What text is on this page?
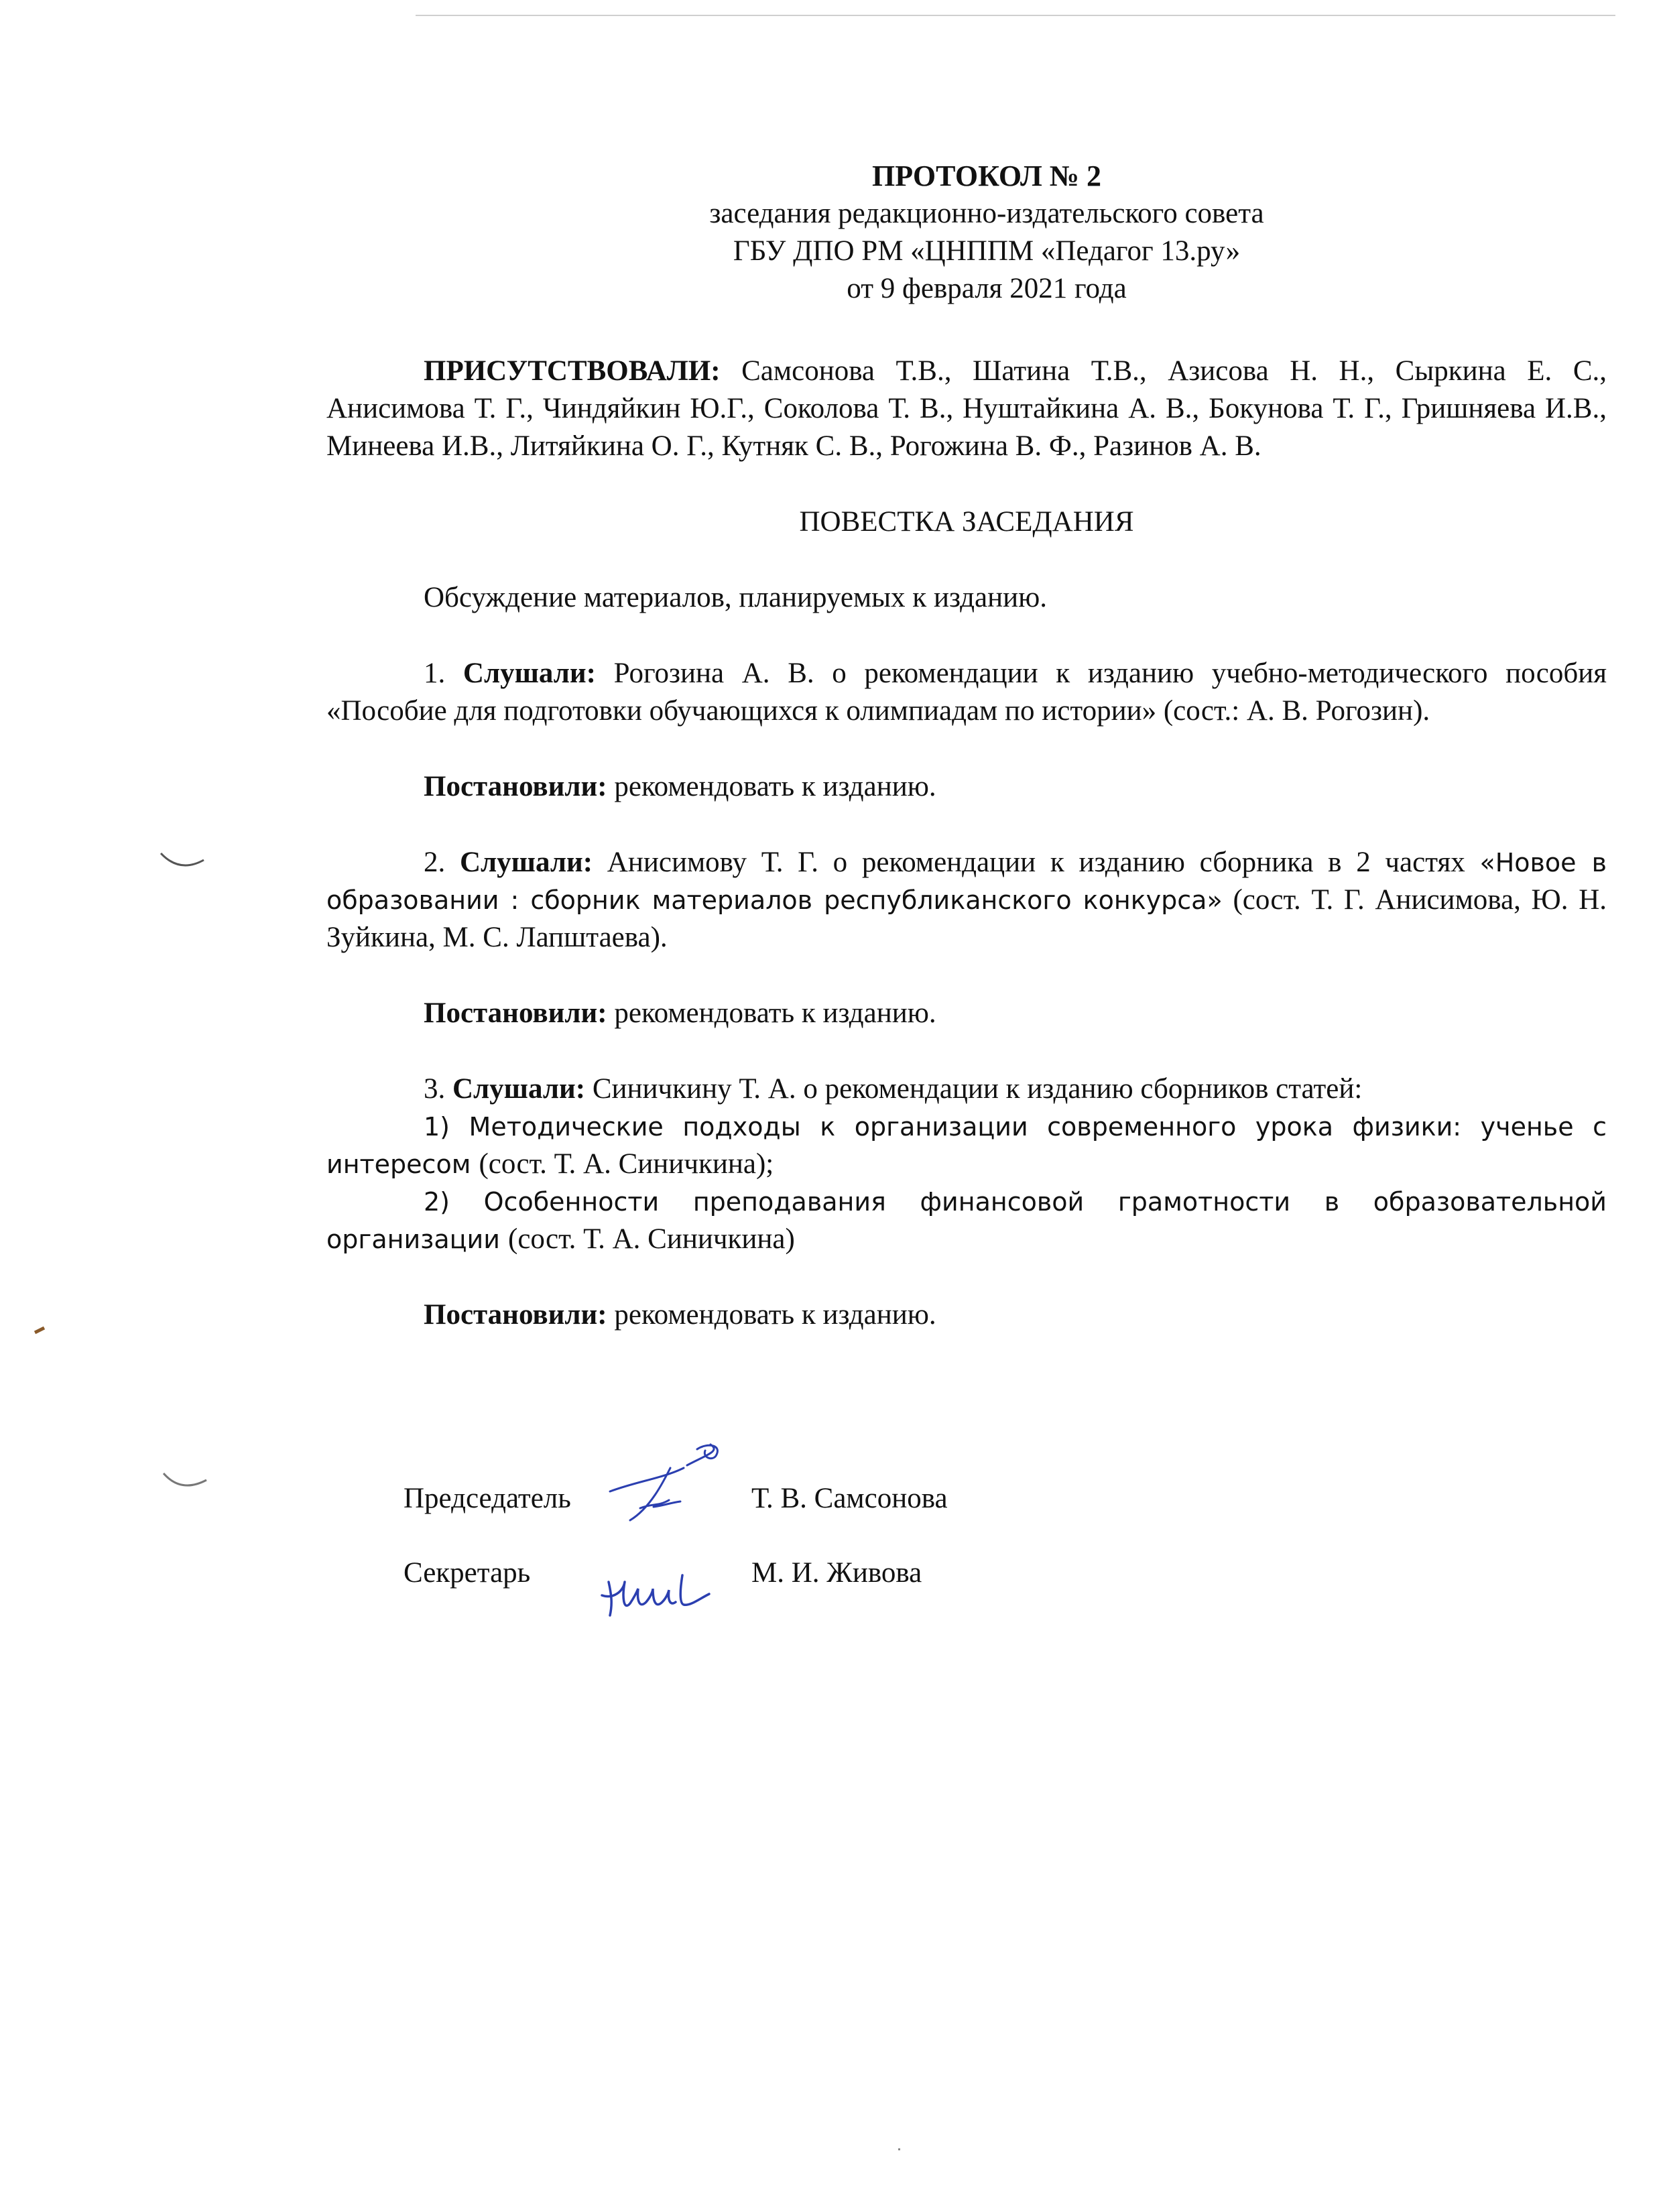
ПРОТОКОЛ № 2
заседания редакционно-издательского совета
ГБУ ДПО РМ «ЦНППМ «Педагог 13.ру»
от 9 февраля 2021 года

ПРИСУТСТВОВАЛИ: Самсонова Т.В., Шатина Т.В., Азисова Н. Н., Сыркина Е. С., Анисимова Т. Г., Чиндяйкин Ю.Г., Соколова Т. В., Нуштайкина А. В., Бокунова Т. Г., Гришняева И.В., Минеева И.В., Литяйкина О. Г., Кутняк С. В., Рогожина В. Ф., Разинов А. В.

ПОВЕСТКА ЗАСЕДАНИЯ

Обсуждение материалов, планируемых к изданию.

1. Слушали: Рогозина А. В. о рекомендации к изданию учебно-методического пособия «Пособие для подготовки обучающихся к олимпиадам по истории» (сост.: А. В. Рогозин).

Постановили: рекомендовать к изданию.

2. Слушали: Анисимову Т. Г. о рекомендации к изданию сборника в 2 частях «Новое в образовании : сборник материалов республиканского конкурса» (сост. Т. Г. Анисимова, Ю. Н. Зуйкина, М. С. Лапштаева).

Постановили: рекомендовать к изданию.

3. Слушали: Синичкину Т. А. о рекомендации к изданию сборников статей:

1) Методические подходы к организации современного урока физики: ученье с интересом (сост. Т. А. Синичкина);

2) Особенности преподавания финансовой грамотности в образовательной организации (сост. Т. А. Синичкина)

Постановили: рекомендовать к изданию.

Председатель	Т. В. Самсонова
Секретарь	М. И. Живова
